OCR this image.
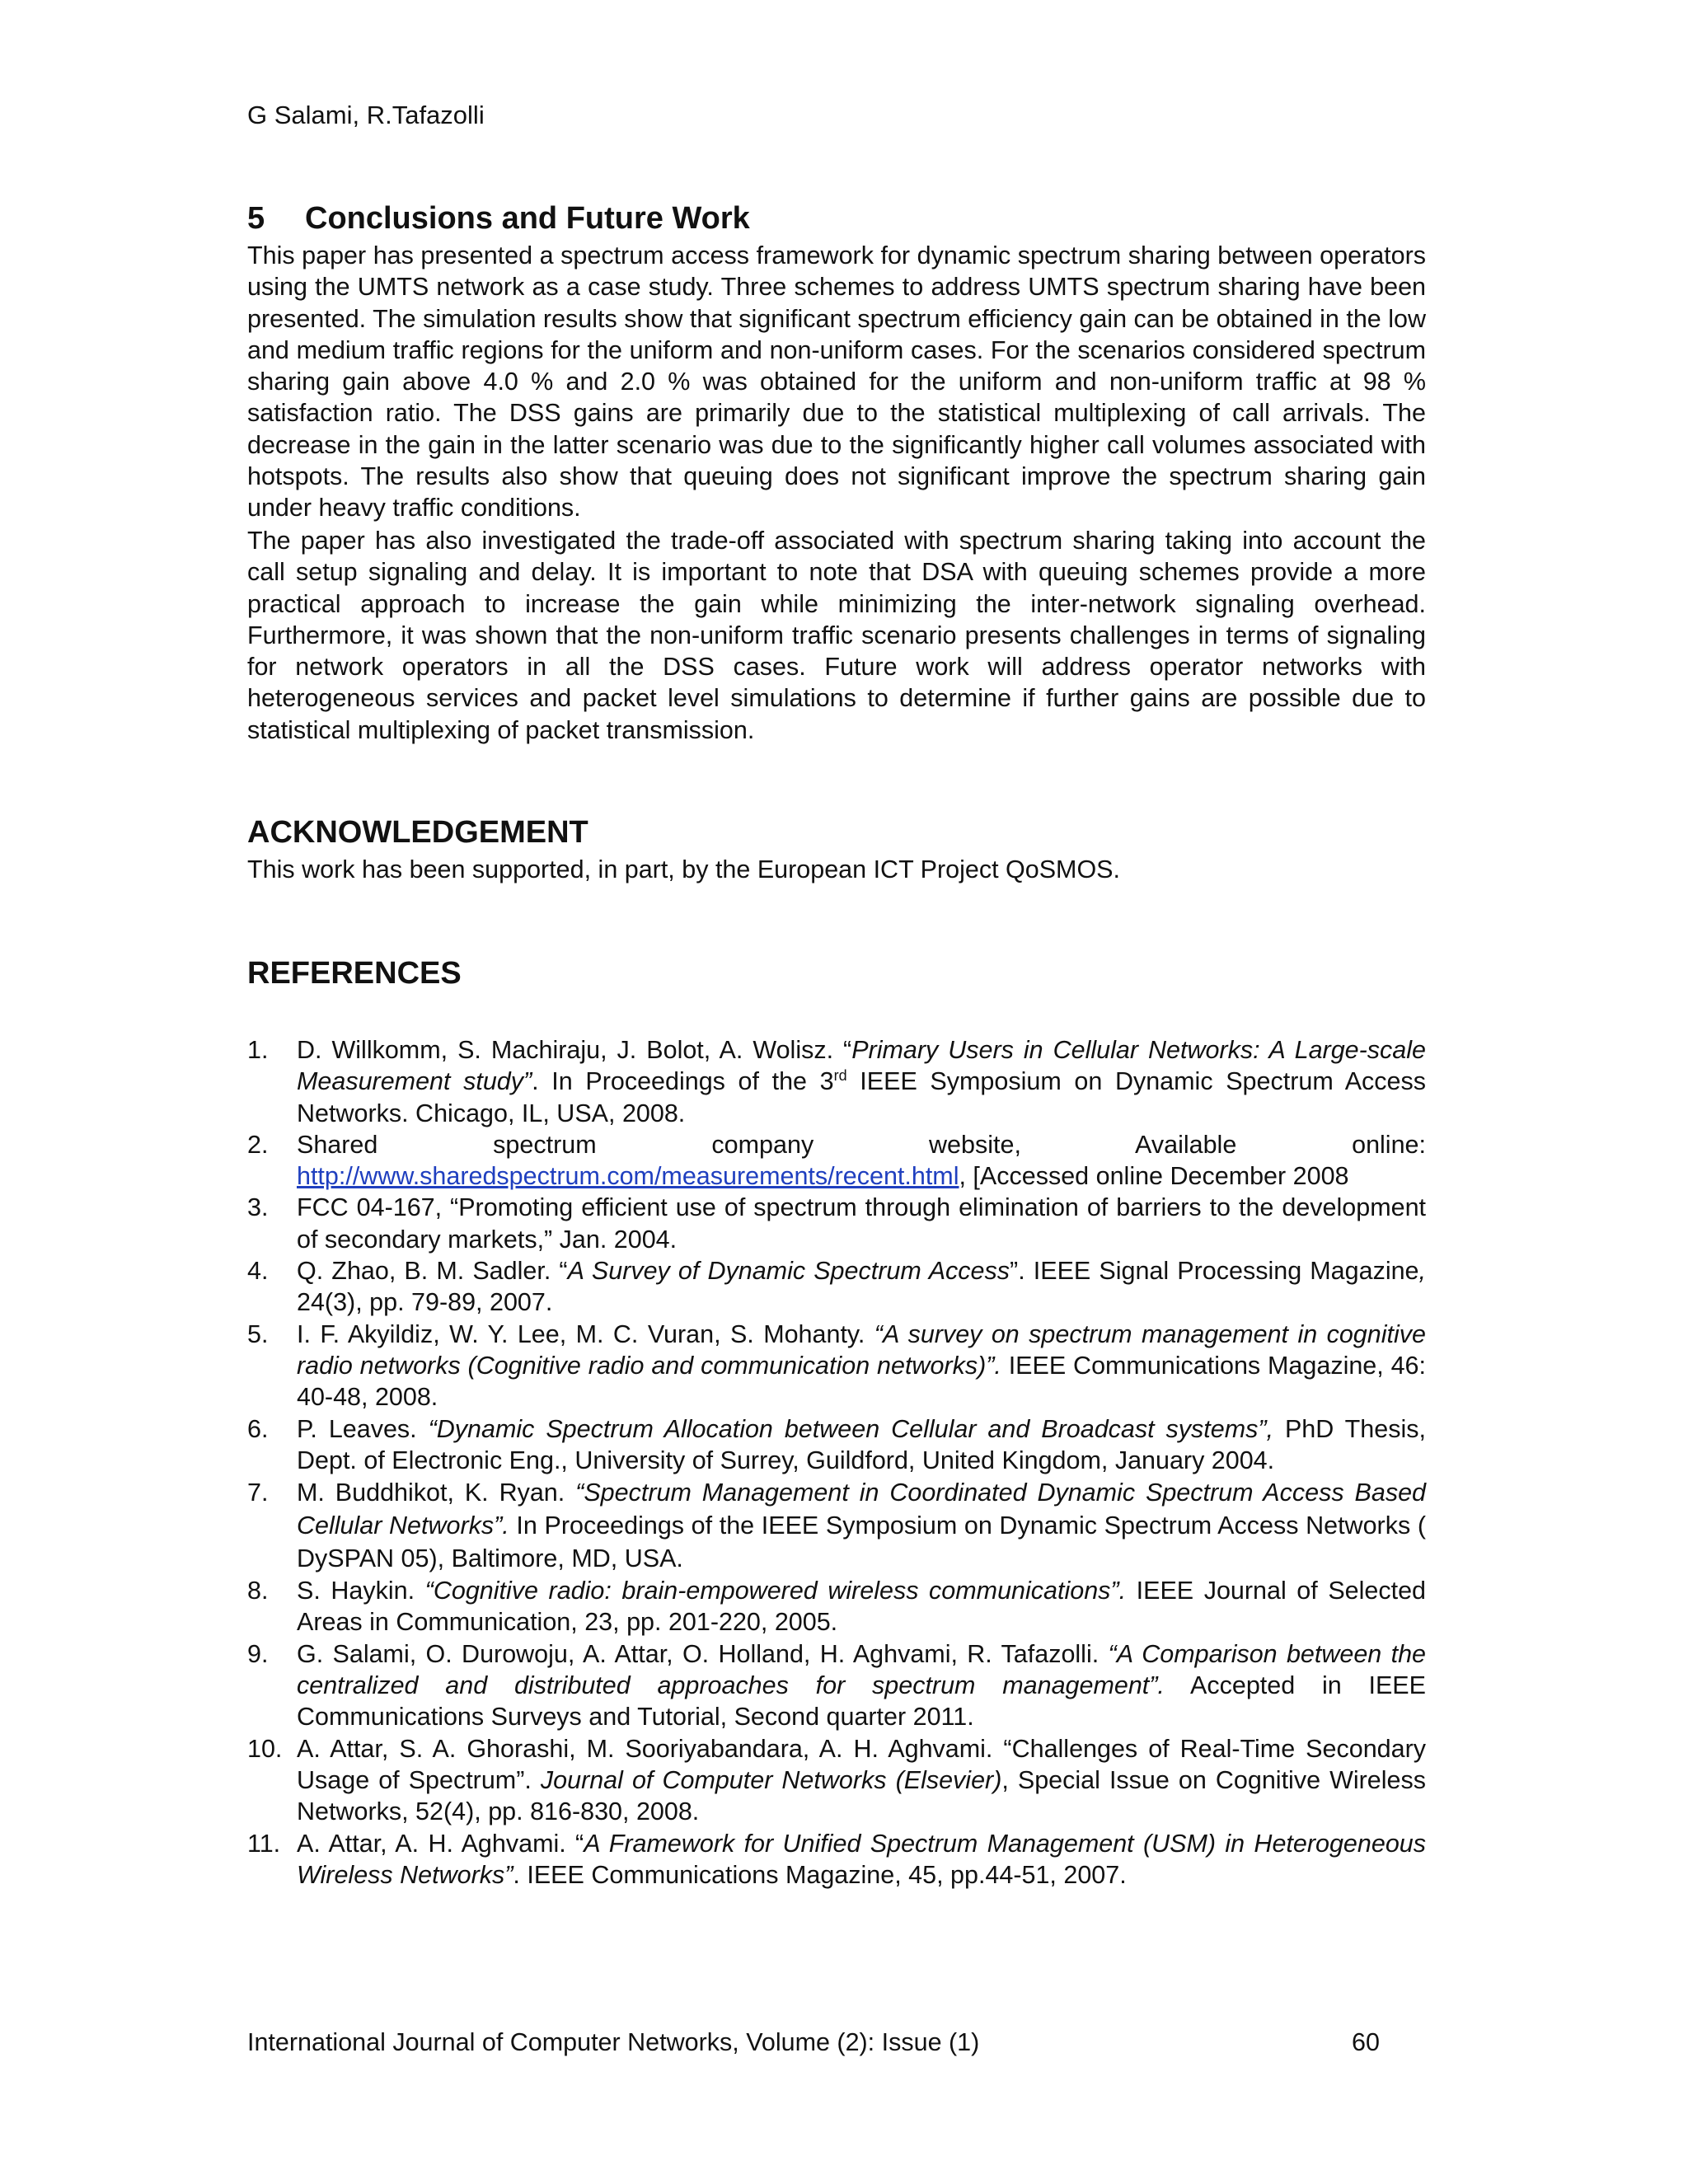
G Salami, R.Tafazolli
5 Conclusions and Future Work

This paper has presented a spectrum access framework for dynamic spectrum sharing between operators using the UMTS network as a case study. Three schemes to address UMTS spectrum sharing have been presented. The simulation results show that significant spectrum efficiency gain can be obtained in the low and medium traffic regions for the uniform and non-uniform cases. For the scenarios considered spectrum sharing gain above 4.0 % and 2.0 % was obtained for the uniform and non-uniform traffic at 98 % satisfaction ratio. The DSS gains are primarily due to the statistical multiplexing of call arrivals. The decrease in the gain in the latter scenario was due to the significantly higher call volumes associated with hotspots. The results also show that queuing does not significant improve the spectrum sharing gain under heavy traffic conditions.

The paper has also investigated the trade-off associated with spectrum sharing taking into account the call setup signaling and delay. It is important to note that DSA with queuing schemes provide a more practical approach to increase the gain while minimizing the inter-network signaling overhead. Furthermore, it was shown that the non-uniform traffic scenario presents challenges in terms of signaling for network operators in all the DSS cases. Future work will address operator networks with heterogeneous services and packet level simulations to determine if further gains are possible due to statistical multiplexing of packet transmission.

ACKNOWLEDGEMENT

This work has been supported, in part, by the European ICT Project QoSMOS.

REFERENCES
1. D. Willkomm, S. Machiraju, J. Bolot, A. Wolisz. “Primary Users in Cellular Networks: A Large-scale Measurement study”. In Proceedings of the 3rd IEEE Symposium on Dynamic Spectrum Access Networks. Chicago, IL, USA, 2008.
2. Shared spectrum company website, Available online: http://www.sharedspectrum.com/measurements/recent.html, [Accessed online December 2008
3. FCC 04-167, “Promoting efficient use of spectrum through elimination of barriers to the development of secondary markets,” Jan. 2004.
4. Q. Zhao, B. M. Sadler. “A Survey of Dynamic Spectrum Access”. IEEE Signal Processing Magazine, 24(3), pp. 79-89, 2007.
5. I. F. Akyildiz, W. Y. Lee, M. C. Vuran, S. Mohanty. “A survey on spectrum management in cognitive radio networks (Cognitive radio and communication networks)”. IEEE Communications Magazine, 46: 40-48, 2008.
6. P. Leaves. “Dynamic Spectrum Allocation between Cellular and Broadcast systems”, PhD Thesis, Dept. of Electronic Eng., University of Surrey, Guildford, United Kingdom, January 2004.
7. M. Buddhikot, K. Ryan. “Spectrum Management in Coordinated Dynamic Spectrum Access Based Cellular Networks”. In Proceedings of the IEEE Symposium on Dynamic Spectrum Access Networks ( DySPAN 05), Baltimore, MD, USA.
8. S. Haykin. “Cognitive radio: brain-empowered wireless communications”. IEEE Journal of Selected Areas in Communication, 23, pp. 201-220, 2005.
9. G. Salami, O. Durowoju, A. Attar, O. Holland, H. Aghvami, R. Tafazolli. “A Comparison between the centralized and distributed approaches for spectrum management”. Accepted in IEEE Communications Surveys and Tutorial, Second quarter 2011.
10. A. Attar, S. A. Ghorashi, M. Sooriyabandara, A. H. Aghvami. “Challenges of Real-Time Secondary Usage of Spectrum”. Journal of Computer Networks (Elsevier), Special Issue on Cognitive Wireless Networks, 52(4), pp. 816-830, 2008.
11. A. Attar, A. H. Aghvami. “A Framework for Unified Spectrum Management (USM) in Heterogeneous Wireless Networks”. IEEE Communications Magazine, 45, pp.44-51, 2007.
International Journal of Computer Networks, Volume (2): Issue (1)	60
